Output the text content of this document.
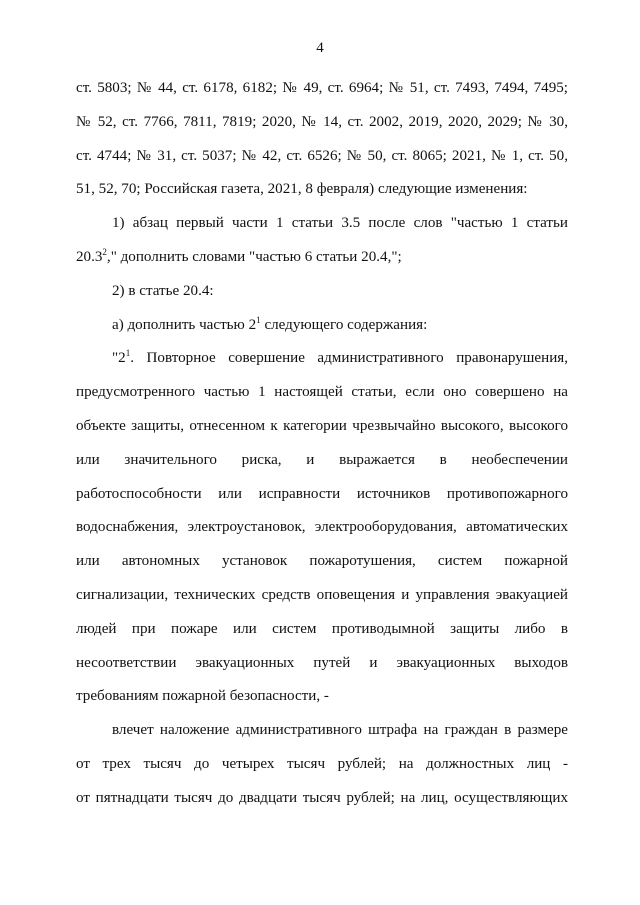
4

ст. 5803; № 44, ст. 6178, 6182; № 49, ст. 6964; № 51, ст. 7493, 7494, 7495;
№ 52, ст. 7766, 7811, 7819; 2020, № 14, ст. 2002, 2019, 2020, 2029; № 30,
ст. 4744; № 31, ст. 5037; № 42, ст. 6526; № 50, ст. 8065; 2021, № 1, ст. 50,
51, 52, 70; Российская газета, 2021, 8 февраля) следующие изменения:

1) абзац первый части 1 статьи 3.5 после слов "частью 1 статьи
20.3$^2$," дополнить словами "частью 6 статьи 20.4,";

2) в статье 20.4:

а) дополнить частью $2^1$ следующего содержания:

"$2^1$. Повторное совершение административного правонарушения,
предусмотренного частью 1 настоящей статьи, если оно совершено на
объекте защиты, отнесенном к категории чрезвычайно высокого, высокого
или значительного риска, и выражается в необеспечении
работоспособности или исправности источников противопожарного
водоснабжения, электроустановок, электрооборудования, автоматических
или автономных установок пожаротушения, систем пожарной
сигнализации, технических средств оповещения и управления эвакуацией
людей при пожаре или систем противодымной защиты либо в
несоответствии эвакуационных путей и эвакуационных выходов
требованиям пожарной безопасности, -

влечет наложение административного штрафа на граждан в размере
от трех тысяч до четырех тысяч рублей; на должностных лиц -
от пятнадцати тысяч до двадцати тысяч рублей; на лиц, осуществляющих
